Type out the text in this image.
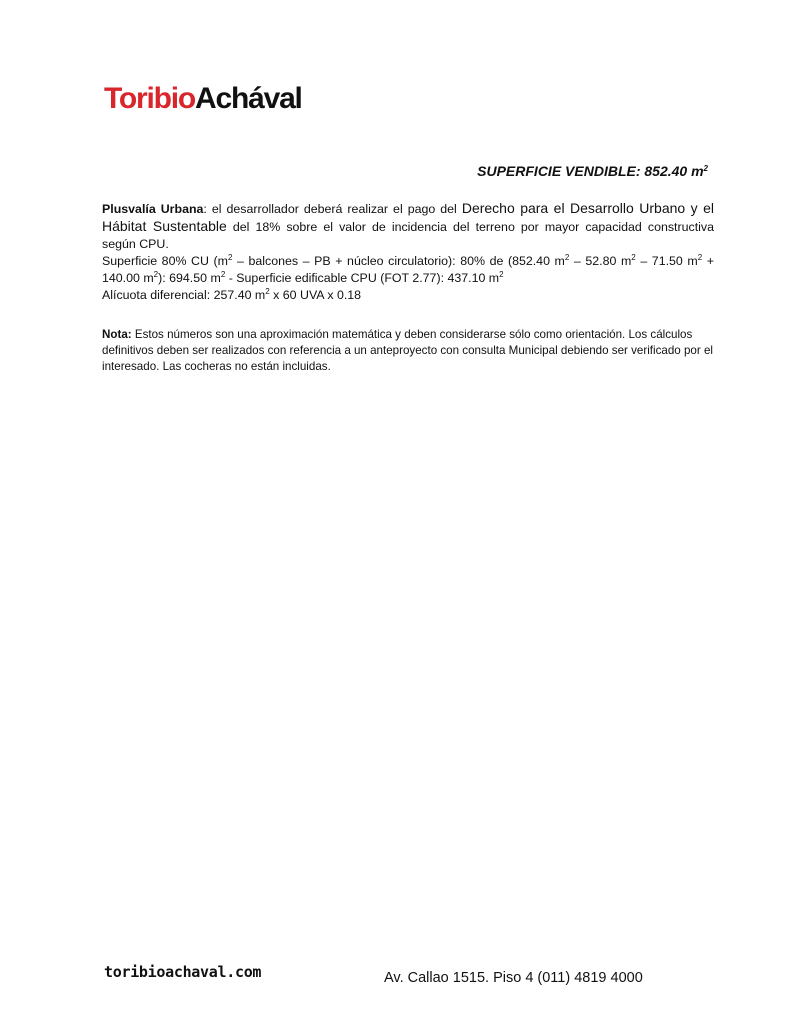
ToribioAchával
SUPERFICIE VENDIBLE: 852.40 $m^2$

Plusvalía Urbana: el desarrollador deberá realizar el pago del Derecho para el Desarrollo Urbano y el Hábitat Sustentable del 18% sobre el valor de incidencia del terreno por mayor capacidad constructiva según CPU.

Superficie 80% CU ($m^2$ – balcones – PB + núcleo circulatorio): 80% de (852.40 $m^2 - 52.80$ $m^2 - 71.50$ $m^2 + 140.00$ $m^2$): 694.50 $m^2$ - Superficie edificable CPU (FOT 2.77): 437.10 $m^2$

Alícuota diferencial: 257.40 $m^2$ x 60 UVA x 0.18

Nota: Estos números son una aproximación matemática y deben considerarse sólo como orientación. Los cálculos definitivos deben ser realizados con referencia a un anteproyecto con consulta Municipal debiendo ser verificado por el interesado. Las cocheras no están incluidas.

toribioachaval.com	Av. Callao 1515. Piso 4 (011) 4819 4000
